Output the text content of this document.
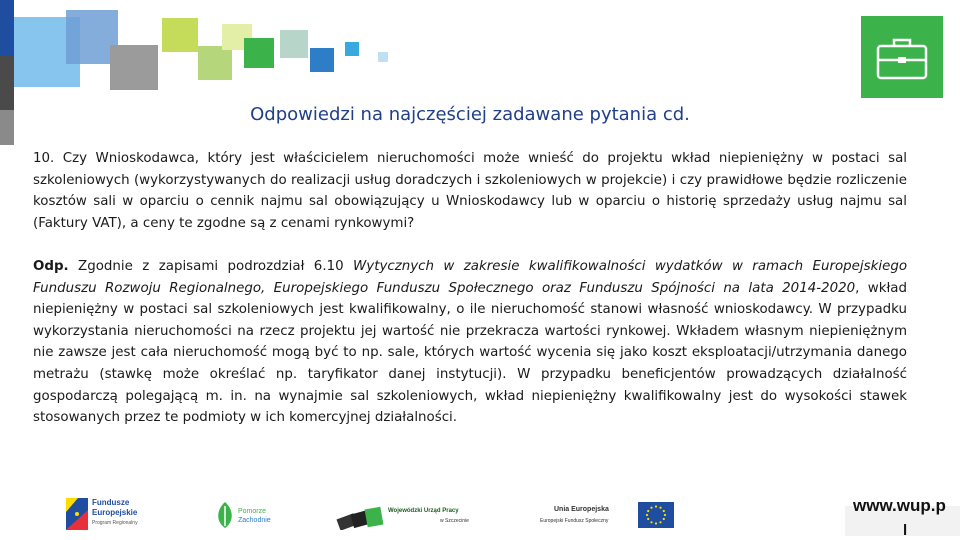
Odpowiedzi na najczęściej zadawane pytania cd.
10. Czy Wnioskodawca, który jest właścicielem nieruchomości może wnieść do projektu wkład niepieniężny w postaci sal szkoleniowych (wykorzystywanych do realizacji usług doradczych i szkoleniowych w projekcie) i czy prawidłowe będzie rozliczenie kosztów sali w oparciu o cennik najmu sal obowiązujący u Wnioskodawcy lub w oparciu o historię sprzedaży usług najmu sal (Faktury VAT), a ceny te zgodne są z cenami rynkowymi?
Odp. Zgodnie z zapisami podrozdział 6.10 Wytycznych w zakresie kwalifikowalności wydatków w ramach Europejskiego Funduszu Rozwoju Regionalnego, Europejskiego Funduszu Społecznego oraz Funduszu Spójności na lata 2014-2020, wkład niepieniężny w postaci sal szkoleniowych jest kwalifikowalny, o ile nieruchomość stanowi własność wnioskodawcy. W przypadku wykorzystania nieruchomości na rzecz projektu jej wartość nie przekracza wartości rynkowej. Wkładem własnym niepieniężnym nie zawsze jest cała nieruchomość mogą być to np. sale, których wartość wycenia się jako koszt eksploatacji/utrzymania danego metrażu (stawkę może określać np. taryfikator danej instytucji). W przypadku beneficjentów prowadzących działalność gospodarczą polegającą m. in. na wynajmie sal szkoleniowych, wkład niepieniężny kwalifikowalny jest do wysokości stawek stosowanych przez te podmioty w ich komercyjnej działalności.
Fundusze
Europejskie
Program Regionalny
Pomorze
Zachodnie
Wojewódzki Urząd Pracy
w Szczecinie
Unia Europejska
Europejski Fundusz Społeczny
www.wup.p
l
